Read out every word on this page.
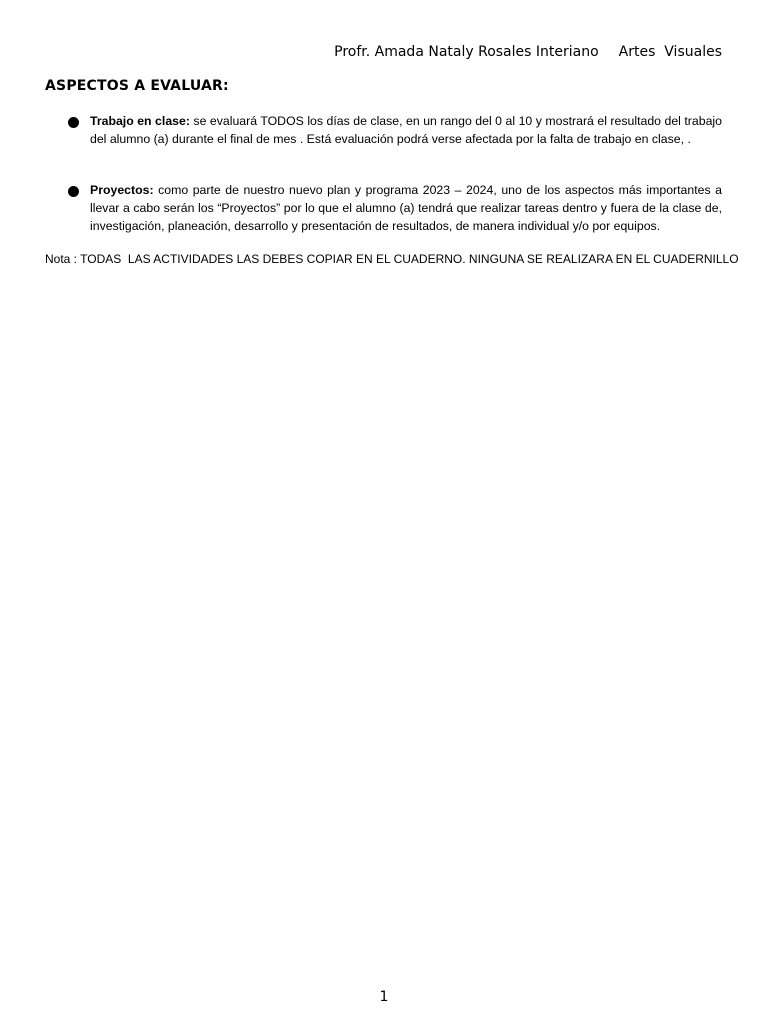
Profr. Amada Nataly Rosales Interiano Artes  Visuales
ASPECTOS A EVALUAR:
Trabajo en clase: se evaluará TODOS los días de clase, en un rango del 0 al 10 y mostrará el resultado del trabajo del alumno (a) durante el final de mes . Está evaluación podrá verse afectada por la falta de trabajo en clase, .
Proyectos: como parte de nuestro nuevo plan y programa 2023 – 2024, uno de los aspectos más importantes a llevar a cabo serán los “Proyectos” por lo que el alumno (a) tendrá que realizar tareas dentro y fuera de la clase de, investigación, planeación, desarrollo y presentación de resultados, de manera individual y/o por equipos.
Nota : TODAS  LAS ACTIVIDADES LAS DEBES COPIAR EN EL CUADERNO. NINGUNA SE REALIZARA EN EL CUADERNILLO
1
